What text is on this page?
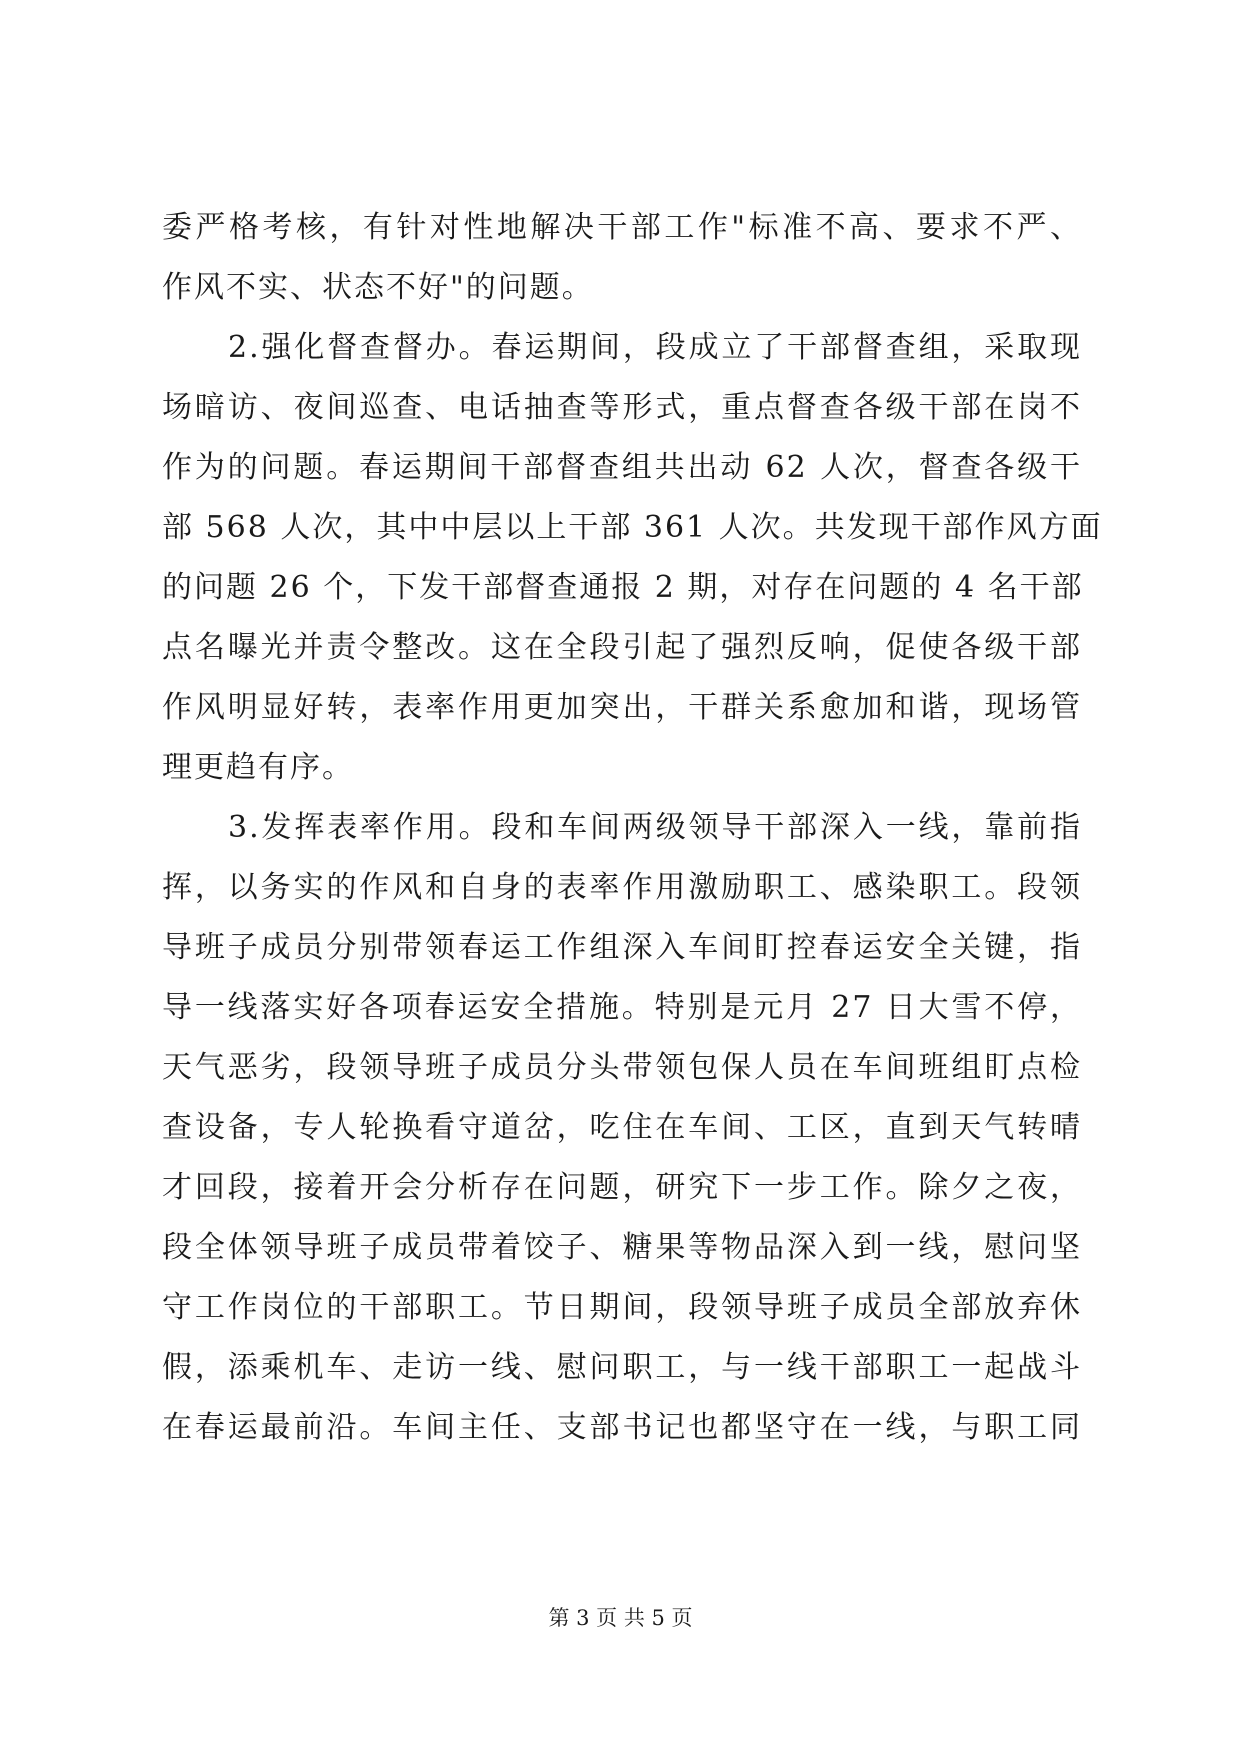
委严格考核，有针对性地解决干部工作"标准不高、要求不严、
作风不实、状态不好"的问题。
2.强化督查督办。春运期间，段成立了干部督查组，采取现
场暗访、夜间巡查、电话抽查等形式，重点督查各级干部在岗不
作为的问题。春运期间干部督查组共出动 62 人次，督查各级干
部 568 人次，其中中层以上干部 361 人次。共发现干部作风方面
的问题 26 个，下发干部督查通报 2 期，对存在问题的 4 名干部
点名曝光并责令整改。这在全段引起了强烈反响，促使各级干部
作风明显好转，表率作用更加突出，干群关系愈加和谐，现场管
理更趋有序。
3.发挥表率作用。段和车间两级领导干部深入一线，靠前指
挥，以务实的作风和自身的表率作用激励职工、感染职工。段领
导班子成员分别带领春运工作组深入车间盯控春运安全关键，指
导一线落实好各项春运安全措施。特别是元月 27 日大雪不停，
天气恶劣，段领导班子成员分头带领包保人员在车间班组盯点检
查设备，专人轮换看守道岔，吃住在车间、工区，直到天气转晴
才回段，接着开会分析存在问题，研究下一步工作。除夕之夜，
段全体领导班子成员带着饺子、糖果等物品深入到一线，慰问坚
守工作岗位的干部职工。节日期间，段领导班子成员全部放弃休
假，添乘机车、走访一线、慰问职工，与一线干部职工一起战斗
在春运最前沿。车间主任、支部书记也都坚守在一线，与职工同
第 3 页 共 5 页
